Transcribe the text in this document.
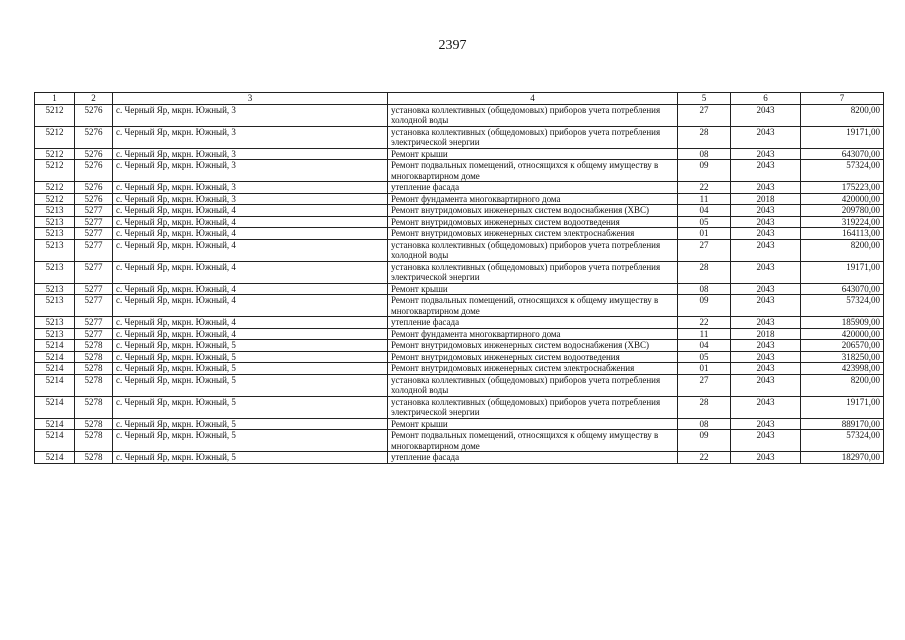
2397
1	2	3	4	5	6	7
5212	5276	с. Черный Яр, мкрн. Южный, 3	установка коллективных (общедомовых) приборов учета потребления холодной воды	27	2043	8200,00
5212	5276	с. Черный Яр, мкрн. Южный, 3	установка коллективных (общедомовых) приборов учета потребления электрической энергии	28	2043	19171,00
5212	5276	с. Черный Яр, мкрн. Южный, 3	Ремонт крыши	08	2043	643070,00
5212	5276	с. Черный Яр, мкрн. Южный, 3	Ремонт подвальных помещений, относящихся к общему имуществу в многоквартирном доме	09	2043	57324,00
5212	5276	с. Черный Яр, мкрн. Южный, 3	утепление фасада	22	2043	175223,00
5212	5276	с. Черный Яр, мкрн. Южный, 3	Ремонт фундамента многоквартирного дома	11	2018	420000,00
5213	5277	с. Черный Яр, мкрн. Южный, 4	Ремонт внутридомовых инженерных систем водоснабжения (ХВС)	04	2043	209780,00
5213	5277	с. Черный Яр, мкрн. Южный, 4	Ремонт внутридомовых инженерных систем водоотведения	05	2043	319224,00
5213	5277	с. Черный Яр, мкрн. Южный, 4	Ремонт внутридомовых инженерных систем электроснабжения	01	2043	164113,00
5213	5277	с. Черный Яр, мкрн. Южный, 4	установка коллективных (общедомовых) приборов учета потребления холодной воды	27	2043	8200,00
5213	5277	с. Черный Яр, мкрн. Южный, 4	установка коллективных (общедомовых) приборов учета потребления электрической энергии	28	2043	19171,00
5213	5277	с. Черный Яр, мкрн. Южный, 4	Ремонт крыши	08	2043	643070,00
5213	5277	с. Черный Яр, мкрн. Южный, 4	Ремонт подвальных помещений, относящихся к общему имуществу в многоквартирном доме	09	2043	57324,00
5213	5277	с. Черный Яр, мкрн. Южный, 4	утепление фасада	22	2043	185909,00
5213	5277	с. Черный Яр, мкрн. Южный, 4	Ремонт фундамента многоквартирного дома	11	2018	420000,00
5214	5278	с. Черный Яр, мкрн. Южный, 5	Ремонт внутридомовых инженерных систем водоснабжения (ХВС)	04	2043	206570,00
5214	5278	с. Черный Яр, мкрн. Южный, 5	Ремонт внутридомовых инженерных систем водоотведения	05	2043	318250,00
5214	5278	с. Черный Яр, мкрн. Южный, 5	Ремонт внутридомовых инженерных систем электроснабжения	01	2043	423998,00
5214	5278	с. Черный Яр, мкрн. Южный, 5	установка коллективных (общедомовых) приборов учета потребления холодной воды	27	2043	8200,00
5214	5278	с. Черный Яр, мкрн. Южный, 5	установка коллективных (общедомовых) приборов учета потребления электрической энергии	28	2043	19171,00
5214	5278	с. Черный Яр, мкрн. Южный, 5	Ремонт крыши	08	2043	889170,00
5214	5278	с. Черный Яр, мкрн. Южный, 5	Ремонт подвальных помещений, относящихся к общему имуществу в многоквартирном доме	09	2043	57324,00
5214	5278	с. Черный Яр, мкрн. Южный, 5	утепление фасада	22	2043	182970,00
